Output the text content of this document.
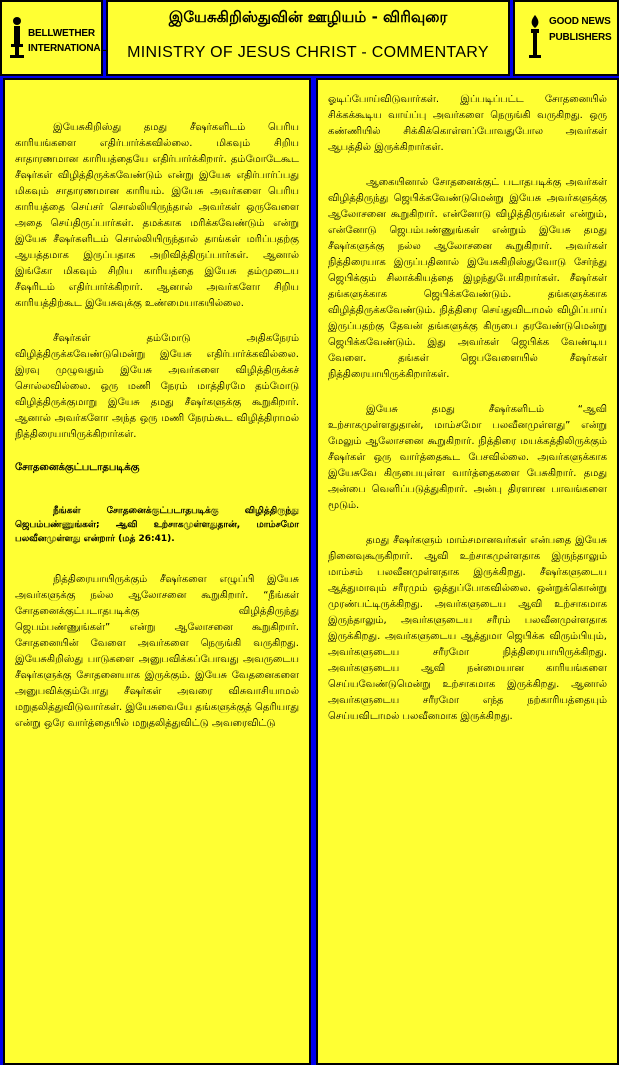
BELLWETHER
INTERNATIONAL
இயேசுகிறிஸ்துவின் ஊழியம் - விரிவுரை
MINISTRY OF JESUS CHRIST - COMMENTARY
GOOD NEWS
PUBLISHERS

இயேசுகிறிஸ்து தமது சீஷர்களிடம் பெரிய காரியங்களை எதிர்பார்க்கவில்லை. மிகவும் சிறிய சாதாரணமான காரியத்தையே எதிர்பார்க்கிறார். தம்மோடேகூட சீஷர்கள் விழித்திருக்கவேண்டும் என்று இயேசு எதிர்பார்ப்பது மிகவும் சாதாரணமான காரியம். இயேசு அவர்களை பெரிய காரியத்தை செய்சர் சொல்லியிருந்தால் அவர்கள் ஒருவேளை அதை செய்திருப்பார்கள். தமக்காக மரிக்கவேண்டும் என்று இயேசு சீஷர்களிடம் சொல்லியிருந்தால் தாங்கள் மரிப்பதற்கு ஆயத்தமாக இருப்பதாக அறிவித்திருப்பார்கள். ஆனால் இங்கோ மிகவும் சிறிய காரியத்தை இயேசு தம்முடைய சீஷரிடம் எதிர்பார்க்கிறார். ஆனால் அவர்களோ சிறிய காரியத்திற்கூட இயேசுவுக்கு உண்மையாகயில்லை.

சீஷர்கள் தம்மோடு அதிகநேரம் விழித்திருக்கவேண்டுமென்று இயேசு எதிர்பார்க்கவில்லை. இரவு முழுவதும் இயேசு அவர்களை விழித்திருக்கச் சொல்லவில்லை. ஒரு மணி நேரம் மாத்திரமே தம்மோடு விழித்திருக்குமாறு இயேசு தமது சீஷர்களுக்கு கூறுகிறார். ஆனால் அவர்களோ அந்த ஒரு மணி நேரம்கூட விழித்திராமல் நித்திரையாயிருக்கிறார்கள்.

சோதனைக்குட்படாதபடிக்கு

நீங்கள் சோதனைக்குட்படாதபடிக்கு விழித்திருந்து ஜெபம்பண்ணுங்கள்; ஆவி உற்சாகமுள்ளதுதான், மாம்சமோ பலவீனமுள்ளது என்றார் (மத் 26:41).

நித்திரையாயிருக்கும் சீஷர்களை எழுப்பி இயேசு அவர்களுக்கு நல்ல ஆலோசனை கூறுகிறார். “நீங்கள் சோதனைக்குட்படாதபடிக்கு விழித்திருந்து ஜெபம்பண்ணுங்கள்” என்று ஆலோசனை கூறுகிறார். சோதனையின் வேளை அவர்களை நெருங்கி வருகிறது. இயேசுகிறிஸ்து பாடுகளை அனுபவிக்கப்போவது அவருடைய சீஷர்களுக்கு சோதனையாக இருக்கும். இயேசு வேதனைகளை அனுபவிக்கும்போது சீஷர்கள் அவரை விசுவாசியாமல் மறுதலித்துவிடுவார்கள். இயேசுவையே தங்களுக்குத் தெரியாது என்று ஒரே வார்த்தையில் மறுதலித்துவிட்டு அவரைவிட்டு

ஓடிப்போய்விடுவார்கள். இப்படிப்பட்ட சோதனையில் சிக்கக்கூடிய வாய்ப்பு அவர்களை நெருங்கி வருகிறது. ஒரு கண்ணியில் சிக்கிக்கொள்ளப்போவதுபோல அவர்கள் ஆபத்தில் இருக்கிறார்கள்.

ஆகையினால் சோதனைக்குட் படாதபடிக்கு அவர்கள் விழித்திருந்து ஜெபிக்கவேண்டுமென்று இயேசு அவர்களுக்கு ஆலோசனை கூறுகிறார். என்னோடு விழித்திருங்கள் என்றும், என்னோடு ஜெபம்பண்ணுங்கள் என்றும் இயேசு தமது சீஷர்களுக்கு நல்ல ஆலோசனை கூறுகிறார். அவர்கள் நித்திரையாக இருப்பதினால் இயேசுகிறிஸ்துவோடு சேர்ந்து ஜெபிக்கும் சிலாக்கியத்தை இழந்துபோகிறார்கள். சீஷர்கள் தங்களுக்காக ஜெபிக்கவேண்டும். தங்களுக்காக விழித்திருக்கவேண்டும். நித்திரை செய்துவிடாமல் விழிப்பாய் இருப்பதற்கு தேவன் தங்களுக்கு கிருபை தரவேண்டுமென்று ஜெபிக்கவேண்டும். இது அவர்கள் ஜெபிக்க வேண்டிய வேளை. தங்கள் ஜெபவேளையில் சீஷர்கள் நித்திரையாயிருக்கிறார்கள்.

இயேசு தமது சீஷர்களிடம் “ஆவி உற்சாகமுள்ளதுதான், மாம்சமோ பலவீனமுள்ளது” என்று மேலும் ஆலோசனை கூறுகிறார். நித்திரை மயக்கத்திலிருக்கும் சீஷர்கள் ஒரு வார்த்தைகூட பேசவில்லை. அவர்களுக்காக இயேசுவே கிருபையுள்ள வார்த்தைகளை பேசுகிறார். தமது அன்பை வெளிப்படுத்துகிறார். அன்பு திரளான பாவங்களை மூடும்.

தமது சீஷர்களும் மாம்சமானவர்கள் என்பதை இயேசு நினைவுகூருகிறார். ஆவி உற்சாகமுள்ளதாக இருந்தாலும் மாம்சம் பலவீனமுள்ளதாக இருக்கிறது. சீஷர்களுடைய ஆத்துமாவும் சரீரமும் ஒத்துப்போகவில்லை. ஒன்றுக்கொன்று முரண்பட்டிருக்கிறது. அவர்களுடைய ஆவி உற்சாகமாக இருந்தாலும், அவர்களுடைய சரீரம் பலவீனமுள்ளதாக இருக்கிறது. அவர்களுடைய ஆத்துமா ஜெபிக்க விரும்பியும், அவர்களுடைய சரீரமோ நித்திரையாயிருக்கிறது. அவர்களுடைய ஆவி நன்மையான காரியங்களை செய்யவேண்டுமென்று உற்சாகமாக இருக்கிறது. ஆனால் அவர்களுடைய சரீரமோ எந்த நற்காரியத்தையும் செய்யவிடாமல் பலவீனமாக இருக்கிறது.
